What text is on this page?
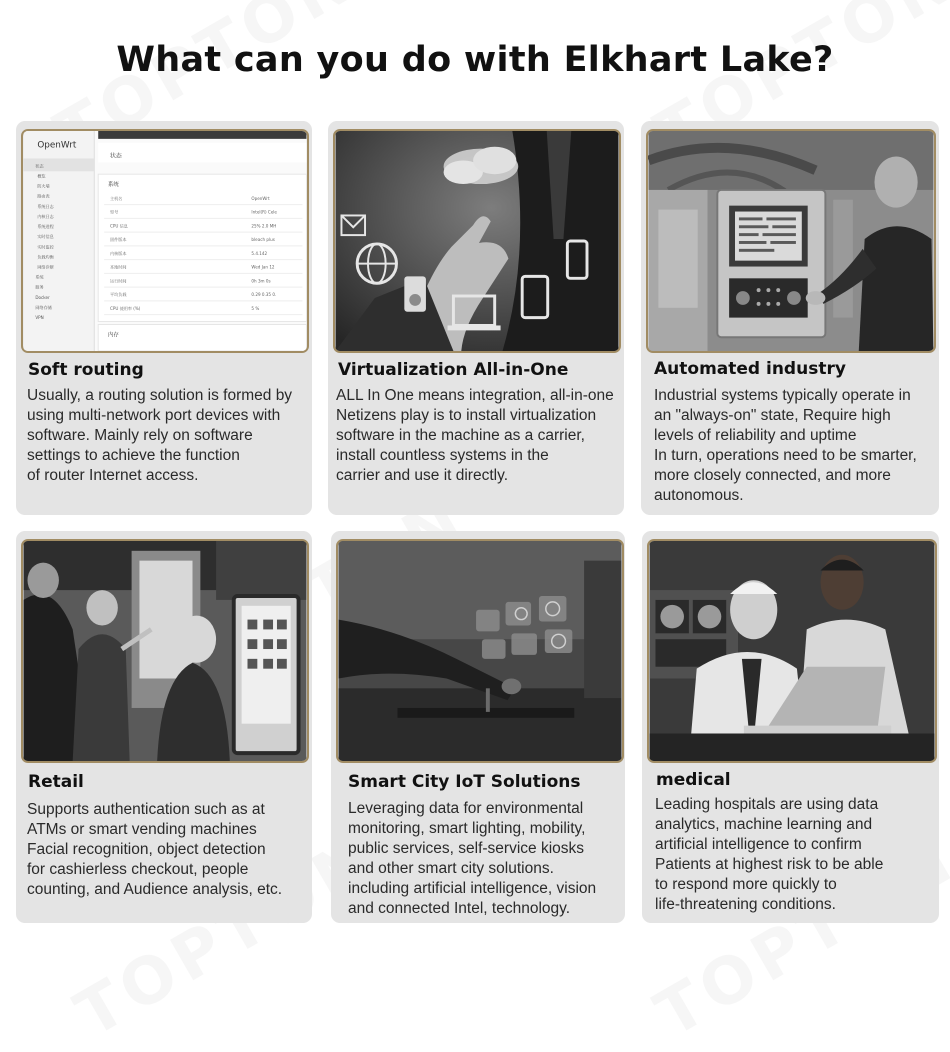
What can you do with Elkhart Lake?
OpenWrt
状态
概览
防火墙
路由表
系统日志
内核日志
系统进程
实时信息
实时监控
负载均衡
网络诊断
系统
服务
Docker
网络存储
VPN
状态
系统
主机名	OpenWrt
型号	Intel(R) Cele
CPU 信息	25% 2.0 MH
固件版本	bleach plus
内核版本	5.4.142
本地时间	Wed Jan 12
运行时间	0h 3m 0s
平均负载	0.29 0.35 0.
CPU 使用率 (%)	5 %
内存
Soft routing
Usually, a routing solution is formed by
using multi-network port devices with
software. Mainly rely on software
settings to achieve the function
of router Internet access.
Virtualization All-in-One
ALL In One means integration, all-in-one
Netizens play is to install virtualization
software in the machine as a carrier,
install countless systems in the
carrier and use it directly.
Automated industry
Industrial systems typically operate in
an "always-on" state, Require high
levels of reliability and uptime
In turn, operations need to be smarter,
more closely connected, and more
autonomous.
Retail
Supports authentication such as at
ATMs or smart vending machines
Facial recognition, object detection
for cashierless checkout, people
counting, and Audience analysis, etc.
Smart City IoT Solutions
Leveraging data for environmental
monitoring, smart lighting, mobility,
public services, self-service kiosks
and other smart city solutions.
including artificial intelligence, vision
and connected Intel, technology.
medical
Leading hospitals are using data
analytics, machine learning and
artificial intelligence to confirm
Patients at highest risk to be able
to respond more quickly to
life-threatening conditions.
